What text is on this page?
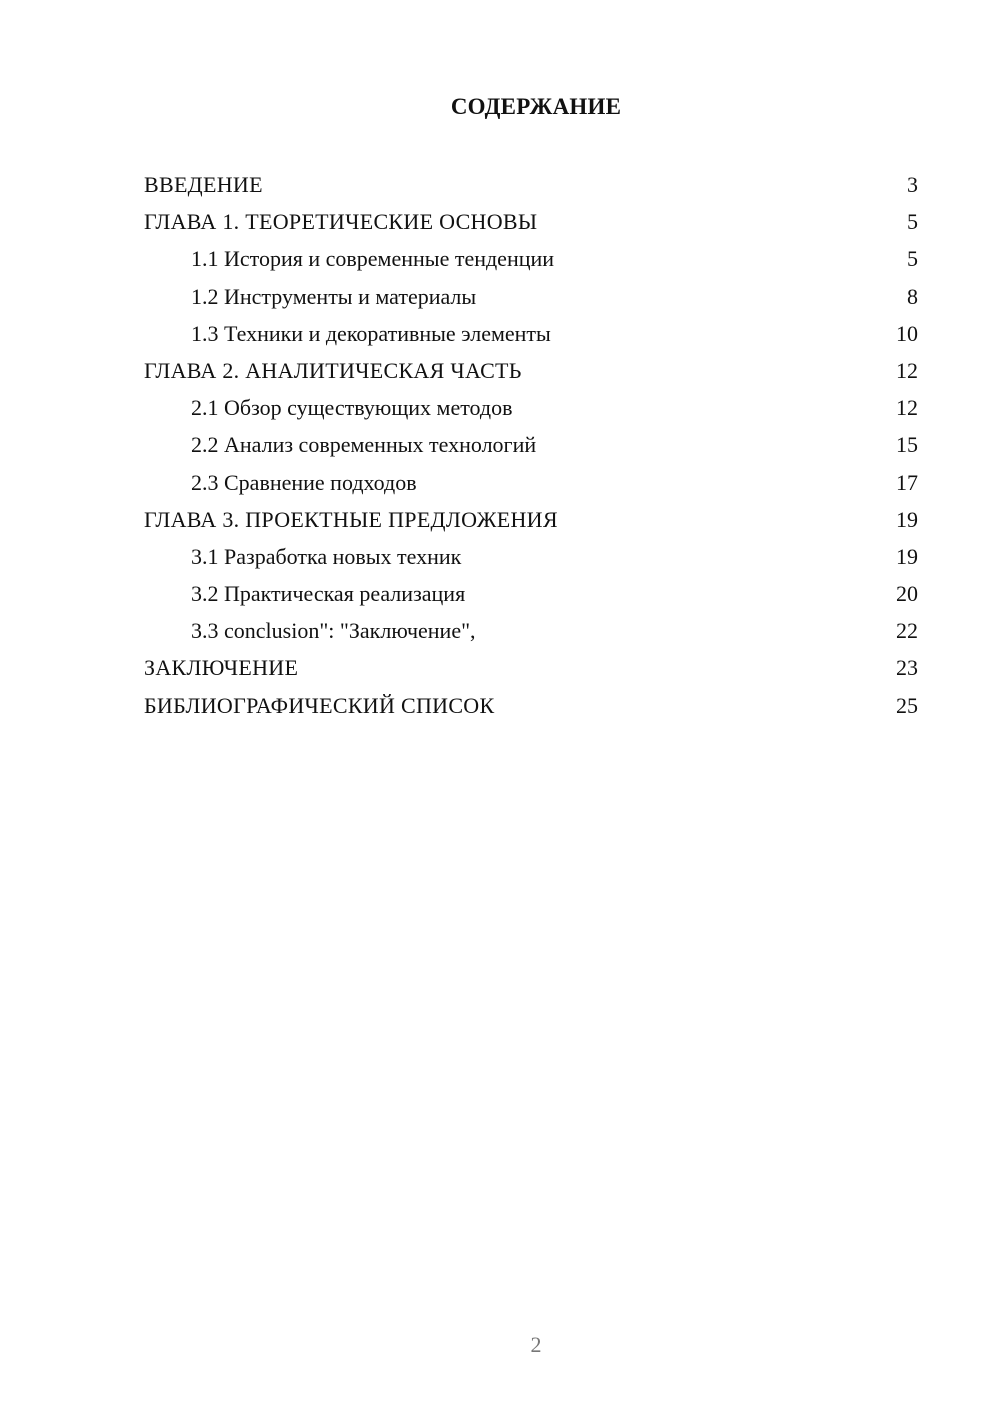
СОДЕРЖАНИЕ
ВВЕДЕНИЕ	3
ГЛАВА 1. ТЕОРЕТИЧЕСКИЕ ОСНОВЫ	5
1.1 История и современные тенденции	5
1.2 Инструменты и материалы	8
1.3 Техники и декоративные элементы	10
ГЛАВА 2. АНАЛИТИЧЕСКАЯ ЧАСТЬ	12
2.1 Обзор существующих методов	12
2.2 Анализ современных технологий	15
2.3 Сравнение подходов	17
ГЛАВА 3. ПРОЕКТНЫЕ ПРЕДЛОЖЕНИЯ	19
3.1 Разработка новых техник	19
3.2 Практическая реализация	20
3.3 conclusion": "Заключение",	22
ЗАКЛЮЧЕНИЕ	23
БИБЛИОГРАФИЧЕСКИЙ СПИСОК	25
2
